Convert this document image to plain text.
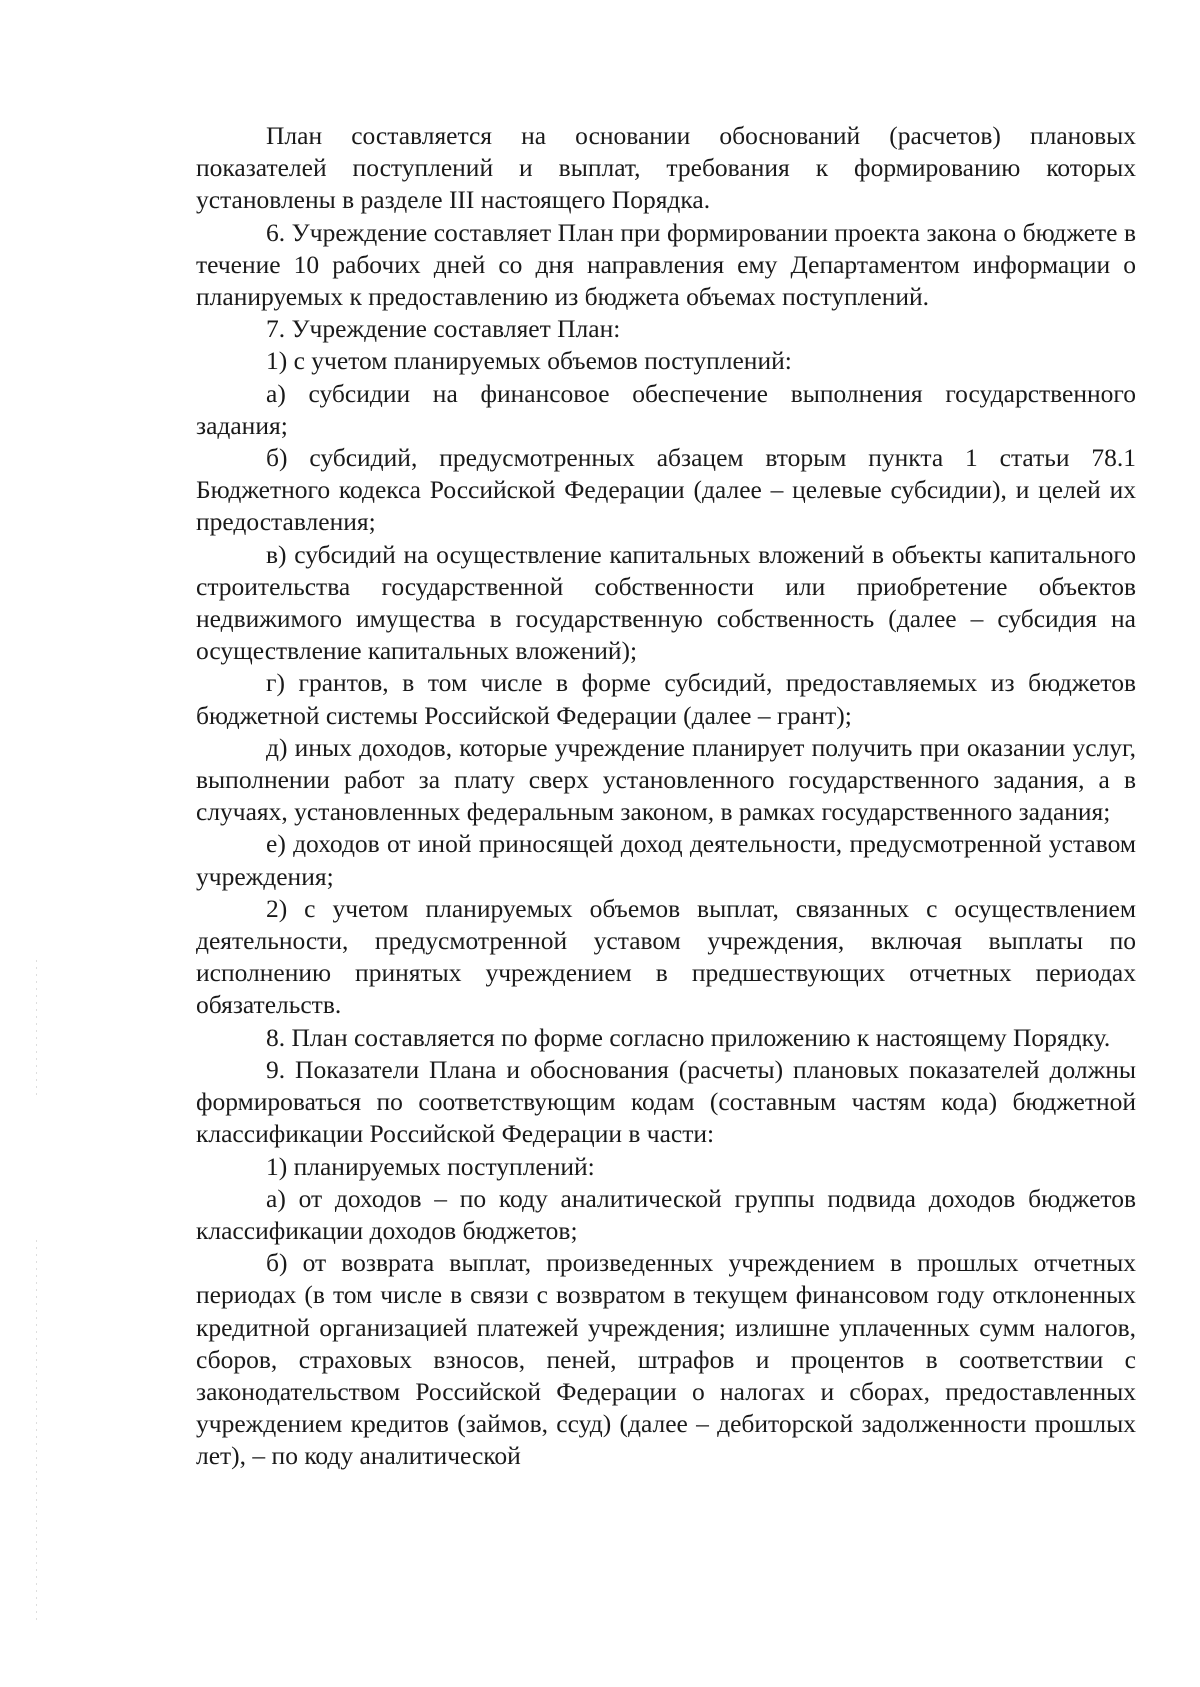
План составляется на основании обоснований (расчетов) плановых показателей поступлений и выплат, требования к формированию которых установлены в разделе III настоящего Порядка.

6. Учреждение составляет План при формировании проекта закона о бюджете в течение 10 рабочих дней со дня направления ему Департаментом информации о планируемых к предоставлению из бюджета объемах поступлений.

7. Учреждение составляет План:

1) с учетом планируемых объемов поступлений:

а) субсидии на финансовое обеспечение выполнения государственного задания;

б) субсидий, предусмотренных абзацем вторым пункта 1 статьи 78.1 Бюджетного кодекса Российской Федерации (далее – целевые субсидии), и целей их предоставления;

в) субсидий на осуществление капитальных вложений в объекты капитального строительства государственной собственности или приобретение объектов недвижимого имущества в государственную собственность (далее – субсидия на осуществление капитальных вложений);

г) грантов, в том числе в форме субсидий, предоставляемых из бюджетов бюджетной системы Российской Федерации (далее – грант);

д) иных доходов, которые учреждение планирует получить при оказании услуг, выполнении работ за плату сверх установленного государственного задания, а в случаях, установленных федеральным законом, в рамках государственного задания;

е) доходов от иной приносящей доход деятельности, предусмотренной уставом учреждения;

2) с учетом планируемых объемов выплат, связанных с осуществлением деятельности, предусмотренной уставом учреждения, включая выплаты по исполнению принятых учреждением в предшествующих отчетных периодах обязательств.

8. План составляется по форме согласно приложению к настоящему Порядку.

9. Показатели Плана и обоснования (расчеты) плановых показателей должны формироваться по соответствующим кодам (составным частям кода) бюджетной классификации Российской Федерации в части:

1) планируемых поступлений:

а) от доходов – по коду аналитической группы подвида доходов бюджетов классификации доходов бюджетов;

б) от возврата выплат, произведенных учреждением в прошлых отчетных периодах (в том числе в связи с возвратом в текущем финансовом году отклоненных кредитной организацией платежей учреждения; излишне уплаченных сумм налогов, сборов, страховых взносов, пеней, штрафов и процентов в соответствии с законодательством Российской Федерации о налогах и сборах, предоставленных учреждением кредитов (займов, ссуд) (далее – дебиторской задолженности прошлых лет), – по коду аналитической
